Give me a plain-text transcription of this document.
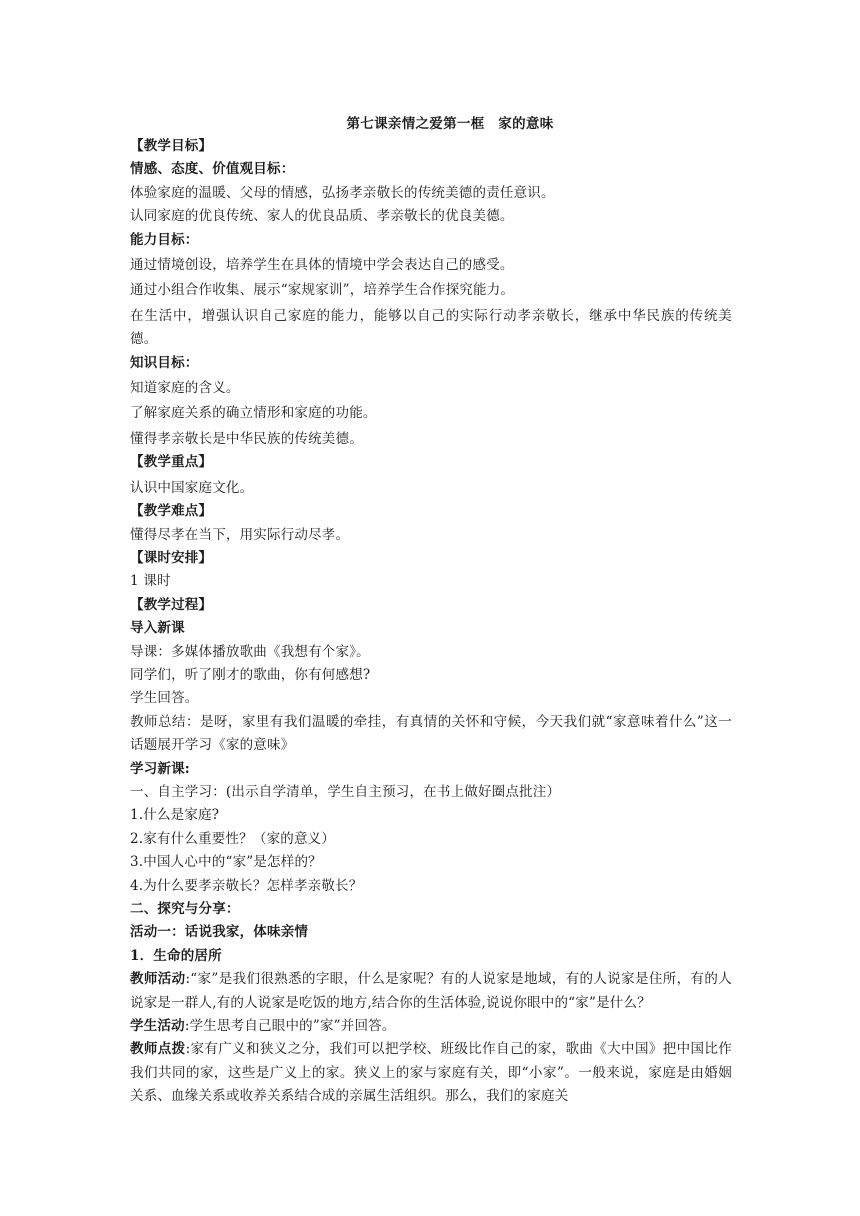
第七课亲情之爱第一框　家的意味
【教学目标】
情感、态度、价值观目标：
体验家庭的温暖、父母的情感，弘扬孝亲敬长的传统美德的责任意识。
认同家庭的优良传统、家人的优良品质、孝亲敬长的优良美德。
能力目标：
通过情境创设，培养学生在具体的情境中学会表达自己的感受。
通过小组合作收集、展示“家规家训”，培养学生合作探究能力。
在生活中，增强认识自己家庭的能力，能够以自己的实际行动孝亲敬长，继承中华民族的传统美德。
知识目标：
知道家庭的含义。
了解家庭关系的确立情形和家庭的功能。
懂得孝亲敬长是中华民族的传统美德。
【教学重点】
认识中国家庭文化。
【教学难点】
懂得尽孝在当下，用实际行动尽孝。
【课时安排】
1 课时
【教学过程】
导入新课
导课：多媒体播放歌曲《我想有个家》。
同学们，听了刚才的歌曲，你有何感想?
学生回答。
教师总结：是呀，家里有我们温暖的牵挂，有真情的关怀和守候，今天我们就“家意味着什么”这一话题展开学习《家的意味》
学习新课:
一、自主学习：(出示自学清单，学生自主预习，在书上做好圈点批注）
1.什么是家庭?
2.家有什么重要性？（家的意义）
3.中国人心中的“家”是怎样的？
4.为什么要孝亲敬长？怎样孝亲敬长？
二、探究与分享：
活动一：话说我家，体味亲情
1．生命的居所
教师活动:“家”是我们很熟悉的字眼，什么是家呢？有的人说家是地域，有的人说家是住所，有的人说家是一群人,有的人说家是吃饭的地方,结合你的生活体验,说说你眼中的“家”是什么？
学生活动:学生思考自己眼中的”家”并回答。
教师点拨:家有广义和狭义之分，我们可以把学校、班级比作自己的家，歌曲《大中国》把中国比作我们共同的家，这些是广义上的家。狭义上的家与家庭有关，即“小家”。一般来说，家庭是由婚姻关系、血缘关系或收养关系结合成的亲属生活组织。那么，我们的家庭关
